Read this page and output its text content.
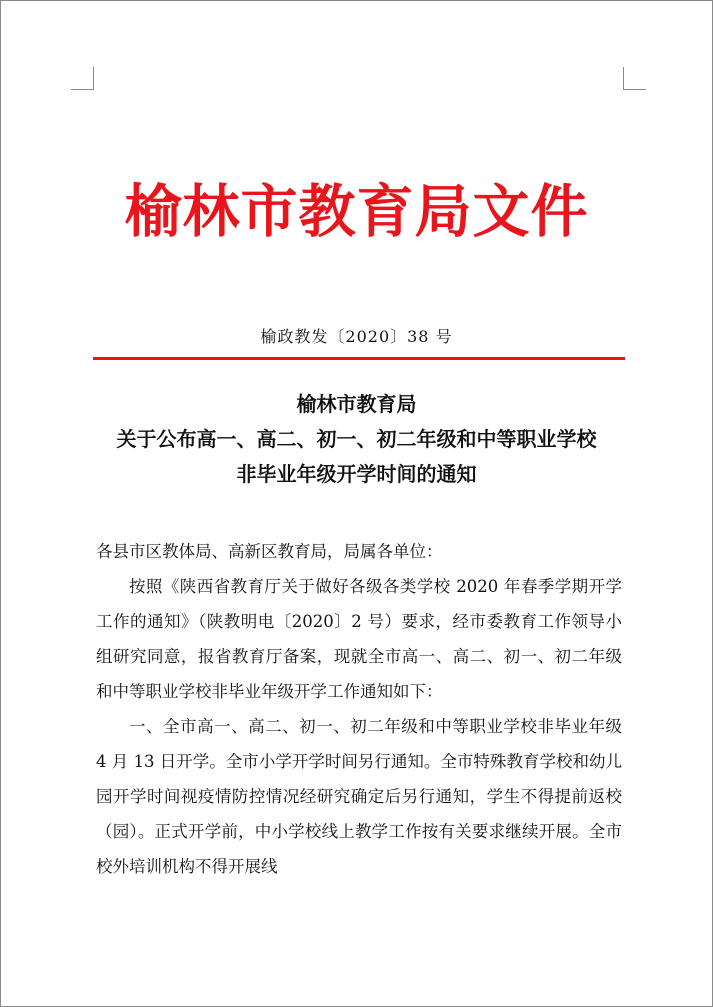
榆林市教育局文件
榆政教发〔2020〕38 号
榆林市教育局
关于公布高一、高二、初一、初二年级和中等职业学校
非毕业年级开学时间的通知

各县市区教体局、高新区教育局，局属各单位：

按照《陕西省教育厅关于做好各级各类学校 2020 年春季学期开学工作的通知》（陕教明电〔2020〕2 号）要求，经市委教育工作领导小组研究同意，报省教育厅备案，现就全市高一、高二、初一、初二年级和中等职业学校非毕业年级开学工作通知如下：

一、全市高一、高二、初一、初二年级和中等职业学校非毕业年级 4 月 13 日开学。全市小学开学时间另行通知。全市特殊教育学校和幼儿园开学时间视疫情防控情况经研究确定后另行通知，学生不得提前返校（园）。正式开学前，中小学校线上教学工作按有关要求继续开展。全市校外培训机构不得开展线
